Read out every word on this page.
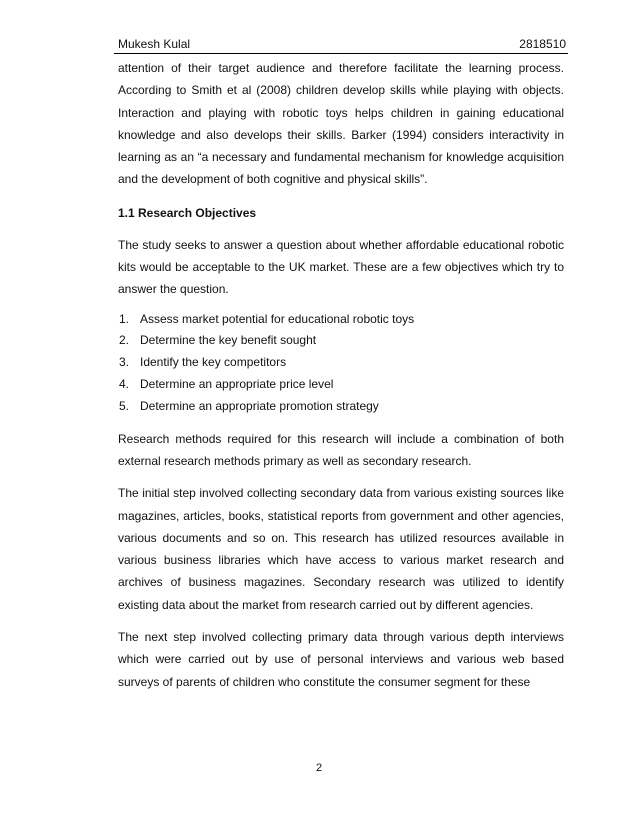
Mukesh Kulal	2818510

attention of their target audience and therefore facilitate the learning process. According to Smith et al (2008) children develop skills while playing with objects. Interaction and playing with robotic toys helps children in gaining educational knowledge and also develops their skills. Barker (1994) considers interactivity in learning as an “a necessary and fundamental mechanism for knowledge acquisition and the development of both cognitive and physical skills”.

1.1 Research Objectives

The study seeks to answer a question about whether affordable educational robotic kits would be acceptable to the UK market. These are a few objectives which try to answer the question.

1. Assess market potential for educational robotic toys
2. Determine the key benefit sought
3. Identify the key competitors
4. Determine an appropriate price level
5. Determine an appropriate promotion strategy

Research methods required for this research will include a combination of both external research methods primary as well as secondary research.

The initial step involved collecting secondary data from various existing sources like magazines, articles, books, statistical reports from government and other agencies, various documents and so on. This research has utilized resources available in various business libraries which have access to various market research and archives of business magazines. Secondary research was utilized to identify existing data about the market from research carried out by different agencies.

The next step involved collecting primary data through various depth interviews which were carried out by use of personal interviews and various web based surveys of parents of children who constitute the consumer segment for these

2
